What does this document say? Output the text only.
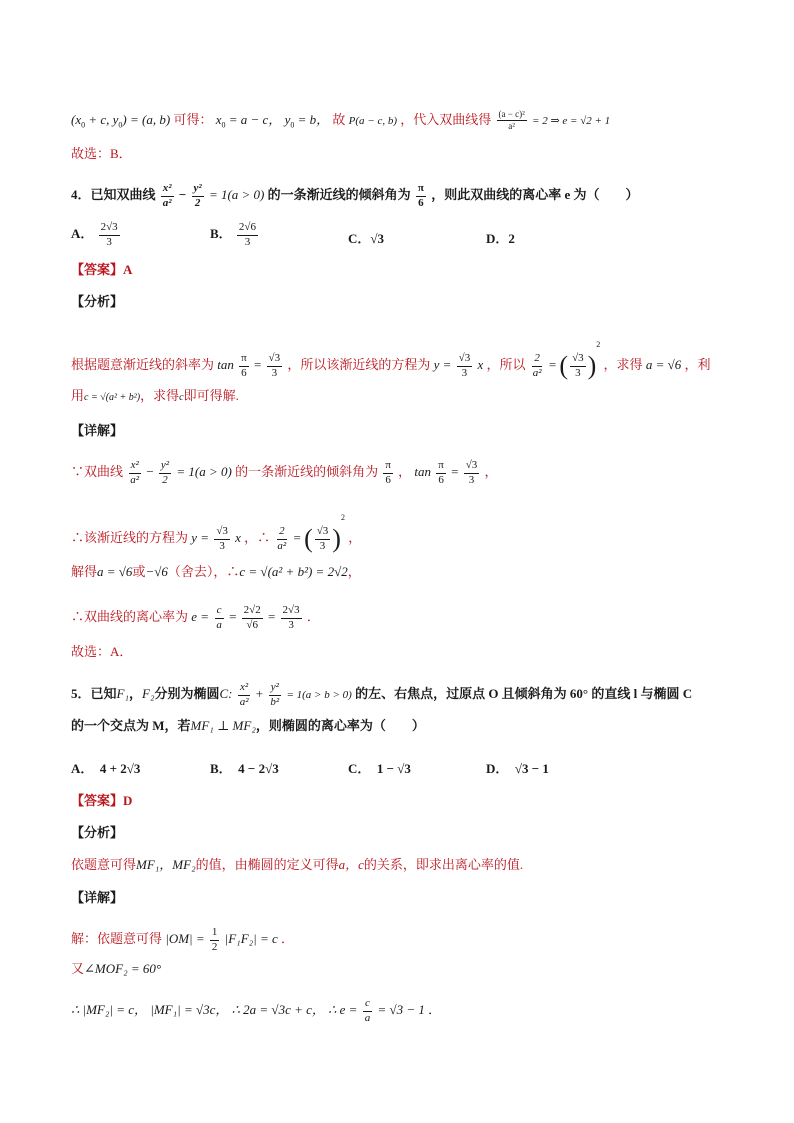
($x_0 + c$, $y_0) = (a$, b) 可得： $x_0 = a - c$， $y_0 = b$， 故 P(a − c, b) ，代入双曲线得 $\frac{\text{(a − c)²}}{\text{a²}} = 2$ ⇒ e = √2 + 1
故选：B．
4．已知双曲线 $\frac{\text{x²}}{\text{a²}} - \frac{\text{y²}}{2} = 1(a > 0)$ 的一条渐近线的倾斜角为 $\frac{\pi}{6}$ ，则此双曲线的离心率 e 为（　　）
A． $\frac{2√3}{3}$	B． $\frac{2√6}{3}$	C．√3	D．2
【答案】A
【分析】
根据题意渐近线的斜率为 $\tan \frac{\pi}{6} = \frac{√3}{3}$ ，所以该渐近线的方程为 $y = \frac{√3}{3}$ x ，所以 $\frac{2}{\text{a²}}$ = ( $\frac{√3}{3} )^2$ ，求得 a = √6 ，利
用c = √(a² + b²)，求得c即可得解.
【详解】
∵双曲线 $\frac{\text{x²}}{\text{a²}} - \frac{\text{y²}}{2} = 1(a > 0)$ 的一条渐近线的倾斜角为 $\frac{\pi}{6}$ ， $\tan \frac{\pi}{6} = \frac{√3}{3}$ ，
∴该渐近线的方程为 $y = \frac{√3}{3}$ x ，∴ $\frac{2}{\text{a²}}$ = ( $\frac{√3}{3} )^2$ ，
解得a = √6或−√6（舍去），∴c = √(a² + b²) = 2√2，
∴双曲线的离心率为 $e = \frac{c}{a} = \frac{2√2}{√6} = \frac{2√3}{3}$ ．
故选：A．
5．已知F₁，F₂分别为椭圆C: $\frac{\text{x²}}{\text{a²}} + \frac{\text{y²}}{\text{b²}} = 1(a > b > 0)$ 的左、右焦点，过原点 O 且倾斜角为 60° 的直线 l 与椭圆 C
的一个交点为 M，若MF₁ ⊥ MF₂，则椭圆的离心率为（　　）
A．　4 + 2√3	B．　4 − 2√3	C．　1 − √3	D．　√3 − 1
【答案】D
【分析】
依题意可得MF₁，MF₂的值，由椭圆的定义可得a，c的关系，即求出离心率的值.
【详解】
解：依题意可得 $|OM| = \frac{1}{2} |F_1F_2| = c$ ．
又∠MOF₂ = 60°
∴ |MF₂| = c， |MF₁| = √3c， ∴ 2a = √3c + c， ∴ $e = \frac{c}{a} = √3 - 1$ ．
